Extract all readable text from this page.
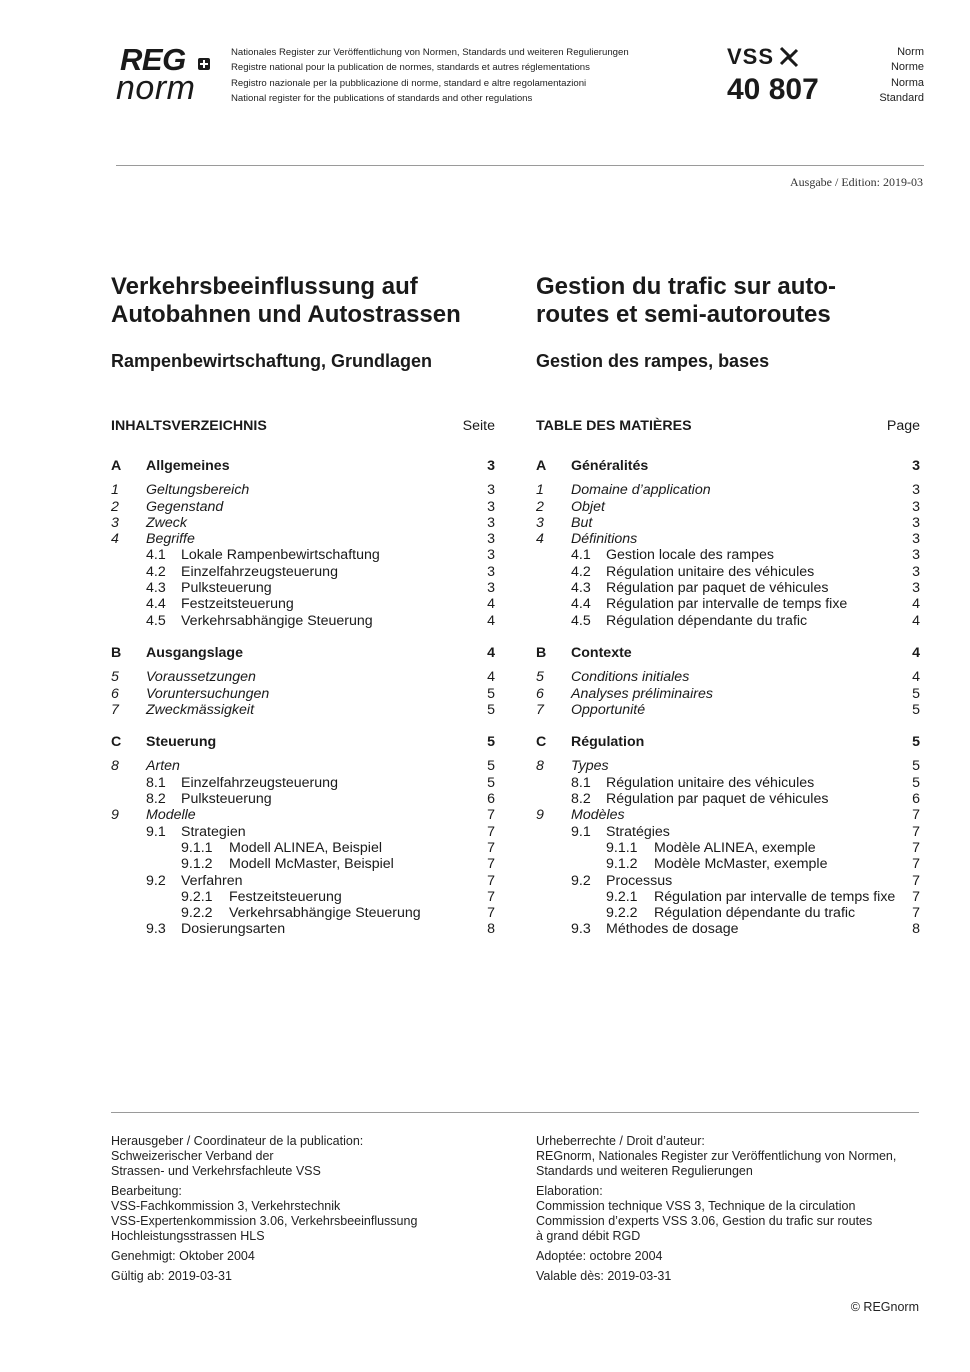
REG
norm
Nationales Register zur Veröffentlichung von Normen, Standards und weiteren Regulierungen
Registre national pour la publication de normes, standards et autres réglementations
Registro nazionale per la pubblicazione di norme, standard e altre regolamentazioni
National register for the publications of standards and other regulations
VSS
40 807
Norm
Norme
Norma
Standard
Ausgabe / Edition: 2019-03
Verkehrsbeeinflussung auf
Autobahnen und Autostrassen
Rampenbewirtschaftung, Grundlagen
Gestion du trafic sur auto-
routes et semi-autoroutes
Gestion des rampes, bases
INHALTSVERZEICHNIS	Seite
A Allgemeines	3
1 Geltungsbereich	3
2 Gegenstand	3
3 Zweck	3
4 Begriffe	3
4.1 Lokale Rampenbewirtschaftung	3
4.2 Einzelfahrzeugsteuerung	3
4.3 Pulksteuerung	3
4.4 Festzeitsteuerung	4
4.5 Verkehrsabhängige Steuerung	4
B Ausgangslage	4
5 Voraussetzungen	4
6 Voruntersuchungen	5
7 Zweckmässigkeit	5
C Steuerung	5
8 Arten	5
8.1 Einzelfahrzeugsteuerung	5
8.2 Pulksteuerung	6
9 Modelle	7
9.1 Strategien	7
9.1.1 Modell ALINEA, Beispiel	7
9.1.2 Modell McMaster, Beispiel	7
9.2 Verfahren	7
9.2.1 Festzeitsteuerung	7
9.2.2 Verkehrsabhängige Steuerung	7
9.3 Dosierungsarten	8
TABLE DES MATIÈRES	Page
A Généralités	3
1 Domaine d’application	3
2 Objet	3
3 But	3
4 Définitions	3
4.1 Gestion locale des rampes	3
4.2 Régulation unitaire des véhicules	3
4.3 Régulation par paquet de véhicules	3
4.4 Régulation par intervalle de temps fixe	4
4.5 Régulation dépendante du trafic	4
B Contexte	4
5 Conditions initiales	4
6 Analyses préliminaires	5
7 Opportunité	5
C Régulation	5
8 Types	5
8.1 Régulation unitaire des véhicules	5
8.2 Régulation par paquet de véhicules	6
9 Modèles	7
9.1 Stratégies	7
9.1.1 Modèle ALINEA, exemple	7
9.1.2 Modèle McMaster, exemple	7
9.2 Processus	7
9.2.1 Régulation par intervalle de temps fixe 7
9.2.2 Régulation dépendante du trafic	7
9.3 Méthodes de dosage	8
Herausgeber / Coordinateur de la publication:
Schweizerischer Verband der
Strassen- und Verkehrsfachleute VSS
Bearbeitung:
VSS-Fachkommission 3, Verkehrstechnik
VSS-Expertenkommission 3.06, Verkehrsbeeinflussung
Hochleistungsstrassen HLS
Genehmigt: Oktober 2004
Gültig ab: 2019-03-31
Urheberrechte / Droit d’auteur:
REGnorm, Nationales Register zur Veröffentlichung von Normen,
Standards und weiteren Regulierungen
Elaboration:
Commission technique VSS 3, Technique de la circulation
Commission d’experts VSS 3.06, Gestion du trafic sur routes
à grand débit RGD
Adoptée: octobre 2004
Valable dès: 2019-03-31
© REGnorm
